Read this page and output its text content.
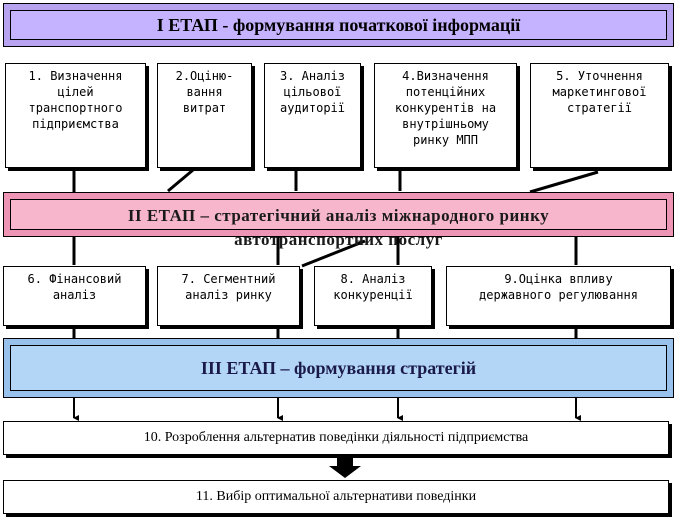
І ЕТАП - формування початкової інформації
1. Визначення
цілей
транспортного
підприємства
2.Оціню-
вання
витрат
3. Аналіз
цільової
аудиторії
4.Визначення
потенційних
конкурентів на
внутрішньому
ринку МПП
5. Уточнення
маркетингової
стратегії
ІІ ЕТАП – стратегічний аналіз міжнародного ринку автотранспортних послуг
6. Фінансовий
аналіз
7. Сегментний
аналіз ринку
8. Аналіз
конкуренції
9.Оцінка впливу
державного регулювання
ІІІ ЕТАП – формування стратегій
10. Розроблення альтернатив поведінки діяльності підприємства
11. Вибір оптимальної альтернативи поведінки
